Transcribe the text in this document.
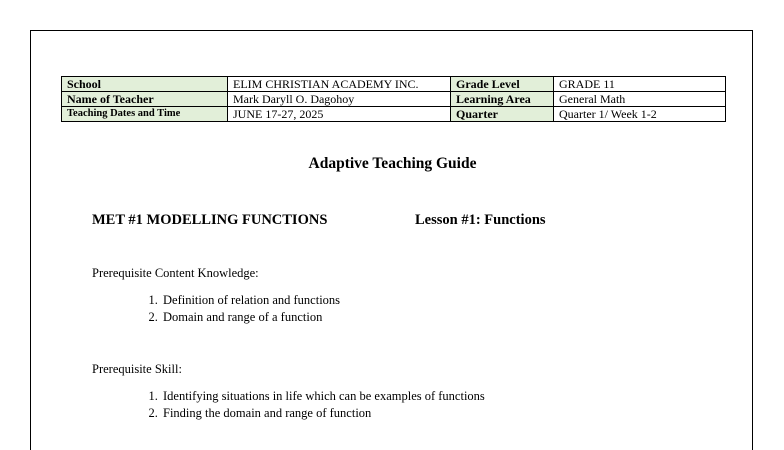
School	ELIM CHRISTIAN ACADEMY INC.	Grade Level	GRADE 11
Name of Teacher	Mark Daryll O. Dagohoy	Learning Area	General Math
Teaching Dates and Time	JUNE 17-27, 2025	Quarter	Quarter 1/ Week 1-2
Adaptive Teaching Guide
MET #1 MODELLING FUNCTIONS	Lesson #1: Functions
Prerequisite Content Knowledge:
1. Definition of relation and functions
2. Domain and range of a function
Prerequisite Skill:
1. Identifying situations in life which can be examples of functions
2. Finding the domain and range of function
